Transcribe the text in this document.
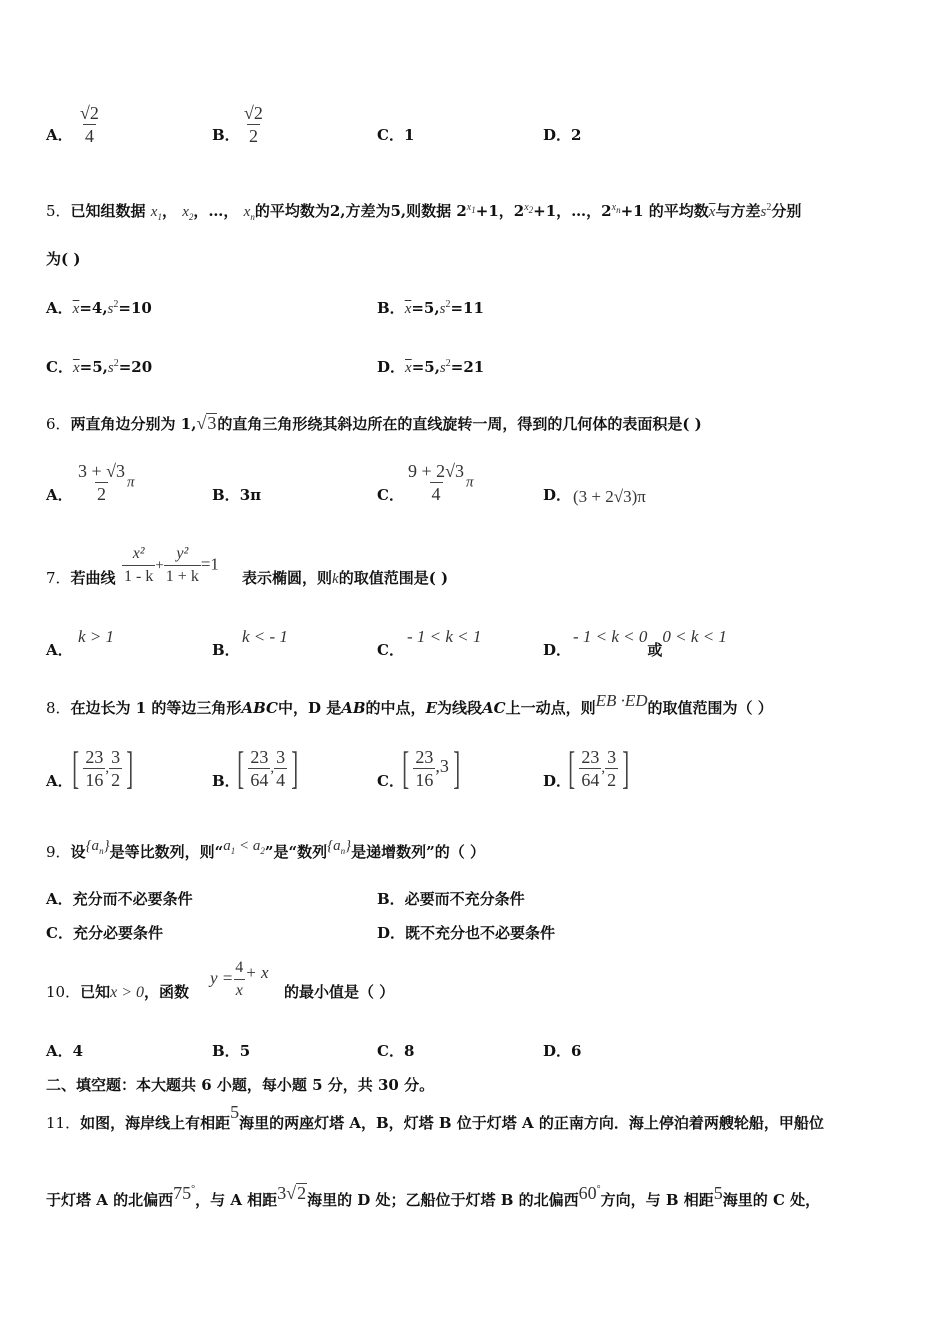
A． $\frac{√2}{4}$	B． $\frac{√2}{2}$	C．1	D．2
5．已知组数据 $x_1$， $x_2$，…， $x_n$的平均数为2,方差为5,则数据 $2^{x_1}+1$，$2^{x_2}+1$，…，$2^{x_n}+1$ 的平均数$\overline{x}$与方差$s^2$分别
为( )
A．$\overline{x}=4,s^2=10$	B．$\overline{x}=5,s^2=11$
C．$\overline{x}=5,s^2=20$	D．$\overline{x}=5,s^2=21$
6．两直角边分别为 1,√3的直角三角形绕其斜边所在的直线旋转一周，得到的几何体的表面积是( )
A． $\frac{3 + √3}{2}$ π
B．3π	C． $\frac{9 + 2√3}{4}$ π
D． (3 + 2√3)π
7．若曲线 $\frac{\text{x²}}{1 - k} + \frac{\text{y²}}{1 + k} =1$
表示椭圆，则k的取值范围是( )
A．
k > 1
B．
k < - 1
C．
- 1 < k < 1
D．
- 1 < k < 0或0 < k < 1
8．在边长为 1 的等边三角形ABC中，D 是AB的中点，E为线段AC上一动点，则EB ·ED的取值范围为（ ）
A． [ $\frac{23}{16}$ , $\frac{3}{2}$ ]	B．
[ $\frac{23}{64}$ , $\frac{3}{4}$ ]	C．
[ $\frac{23}{16} ,3$]	D．
[ $\frac{23}{64}$ , $\frac{3}{2}$ ]
9．设$\{a_n\}$是等比数列，则“$a_1 < a_2$”是“数列$\{a_n\}$是递增数列”的（ ）
A．充分而不必要条件	B．必要而不充分条件
C．充分必要条件	D．既不充分也不必要条件
10．已知x > 0，函数
$y = \frac{4}{x} + x$
的最小值是（ ）
A．4	B．5	C．8	D．6
二、填空题：本大题共 6 小题，每小题 5 分，共 30 分。
11．如图，海岸线上有相距5海里的两座灯塔 A，B，灯塔 B 位于灯塔 A 的正南方向．海上停泊着两艘轮船，甲船位
于灯塔 A 的北偏西75°，与 A 相距3√2海里的 D 处；乙船位于灯塔 B 的北偏西60°方向，与 B 相距5海里的 C 处，
